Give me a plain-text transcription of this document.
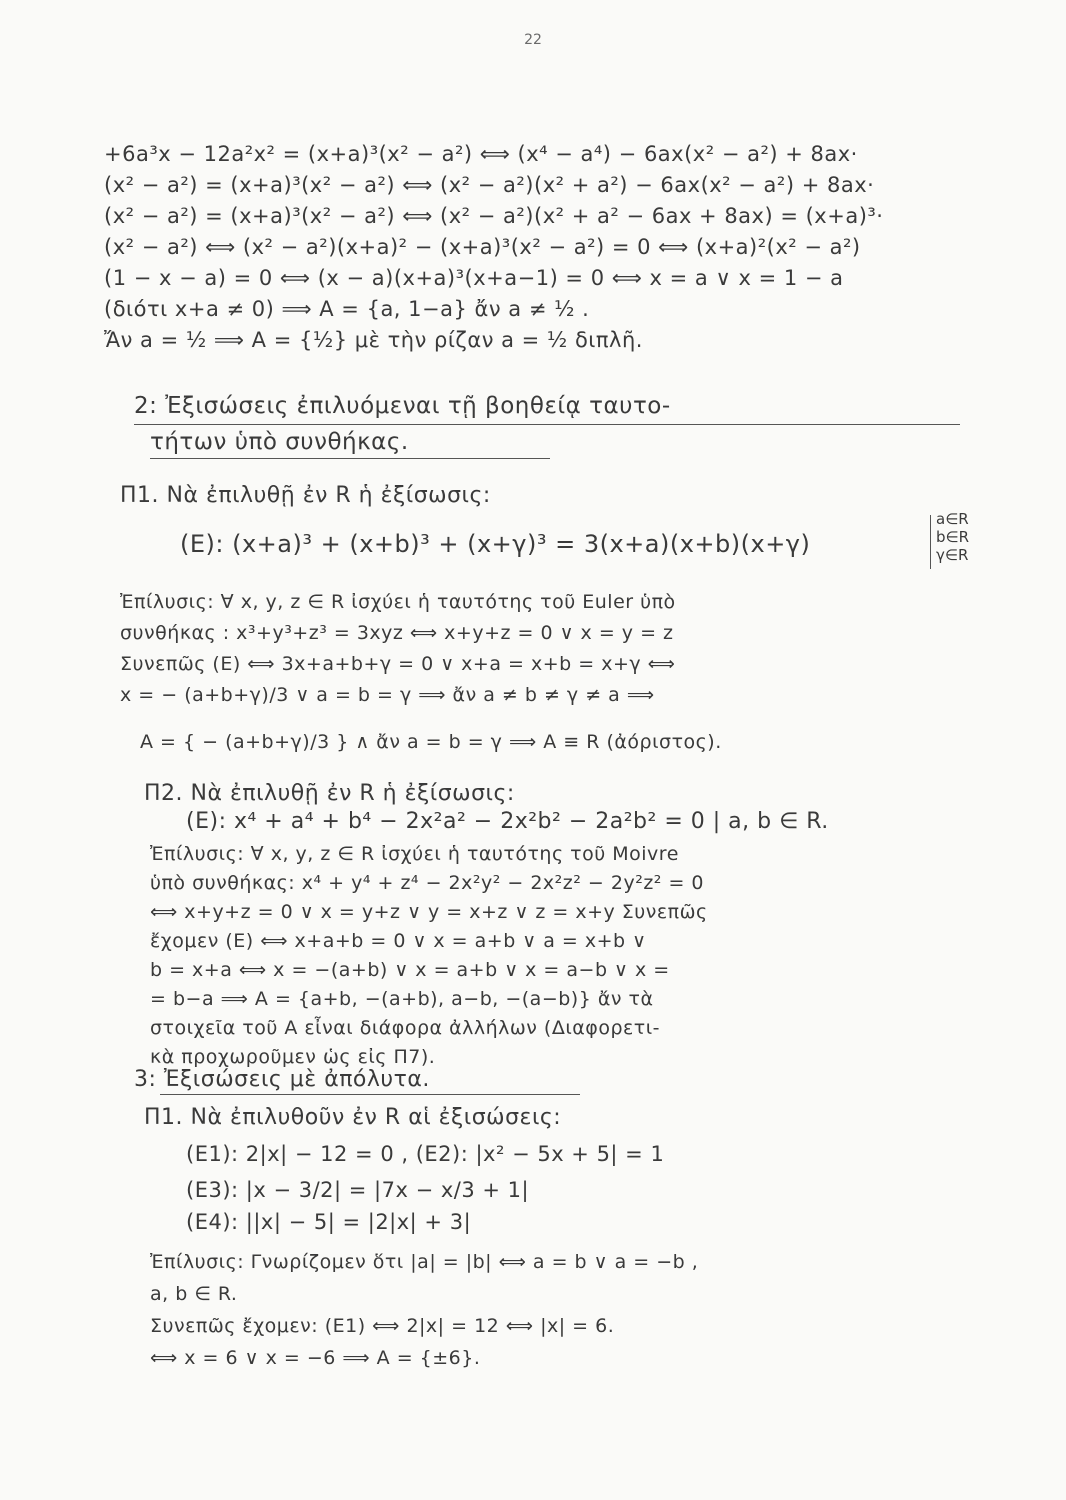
22
+6a³x − 12a²x² = (x+a)³(x² − a²) ⟺ (x⁴ − a⁴) − 6ax(x² − a²) + 8ax·
(x² − a²) = (x+a)³(x² − a²) ⟺ (x² − a²)(x² + a²) − 6ax(x² − a²) + 8ax·
(x² − a²) = (x+a)³(x² − a²) ⟺ (x² − a²)(x² + a² − 6ax + 8ax) = (x+a)³·
(x² − a²) ⟺ (x² − a²)(x+a)² − (x+a)³(x² − a²) = 0 ⟺ (x+a)²(x² − a²)
(1 − x − a) = 0 ⟺ (x − a)(x+a)³(x+a−1) = 0 ⟺ x = a ∨ x = 1 − a
(διότι x+a ≠ 0) ⟹ A = {a, 1−a} ἄν a ≠ ½ .
Ἄν a = ½ ⟹ A = {½} μὲ τὴν ρίζαν a = ½ διπλῆ.
2: Ἐξισώσεις ἐπιλυόμεναι τῇ βοηθείᾳ ταυτο-
τήτων ὑπὸ συνθήκας.
Π1. Νὰ ἐπιλυθῇ ἐν R ἡ ἐξίσωσις:
(E): (x+a)³ + (x+b)³ + (x+γ)³ = 3(x+a)(x+b)(x+γ)
a∈R
b∈R
γ∈R
Ἐπίλυσις: ∀ x, y, z ∈ R ἰσχύει ἡ ταυτότης τοῦ Euler ὑπὸ
συνθήκας : x³+y³+z³ = 3xyz ⟺ x+y+z = 0 ∨ x = y = z
Συνεπῶς (E) ⟺ 3x+a+b+γ = 0 ∨ x+a = x+b = x+γ ⟺
x = − (a+b+γ)/3 ∨ a = b = γ ⟹ ἄν a ≠ b ≠ γ ≠ a ⟹
A = { − (a+b+γ)/3 } ∧ ἄν a = b = γ ⟹ A ≡ R (ἀόριστος).
Π2. Νὰ ἐπιλυθῇ ἐν R ἡ ἐξίσωσις:
(E): x⁴ + a⁴ + b⁴ − 2x²a² − 2x²b² − 2a²b² = 0 | a, b ∈ R.
Ἐπίλυσις: ∀ x, y, z ∈ R ἰσχύει ἡ ταυτότης τοῦ Moivre
ὑπὸ συνθήκας: x⁴ + y⁴ + z⁴ − 2x²y² − 2x²z² − 2y²z² = 0
⟺ x+y+z = 0 ∨ x = y+z ∨ y = x+z ∨ z = x+y Συνεπῶς
ἔχομεν (E) ⟺ x+a+b = 0 ∨ x = a+b ∨ a = x+b ∨
b = x+a ⟺ x = −(a+b) ∨ x = a+b ∨ x = a−b ∨ x =
= b−a ⟹ A = {a+b, −(a+b), a−b, −(a−b)} ἄν τὰ
στοιχεῖα τοῦ A εἶναι διάφορα ἀλλήλων (Διαφορετι-
κὰ προχωροῦμεν ὡς εἰς Π7).
3: Ἐξισώσεις μὲ ἀπόλυτα.
Π1. Νὰ ἐπιλυθοῦν ἐν R αἱ ἐξισώσεις:
(E1): 2|x| − 12 = 0 , (E2): |x² − 5x + 5| = 1
(E3): |x − 3/2| = |7x − x/3 + 1|
(E4): ||x| − 5| = |2|x| + 3|
Ἐπίλυσις: Γνωρίζομεν ὅτι |a| = |b| ⟺ a = b ∨ a = −b ,
a, b ∈ R.
Συνεπῶς ἔχομεν: (E1) ⟺ 2|x| = 12 ⟺ |x| = 6.
⟺ x = 6 ∨ x = −6 ⟹ A = {±6}.
